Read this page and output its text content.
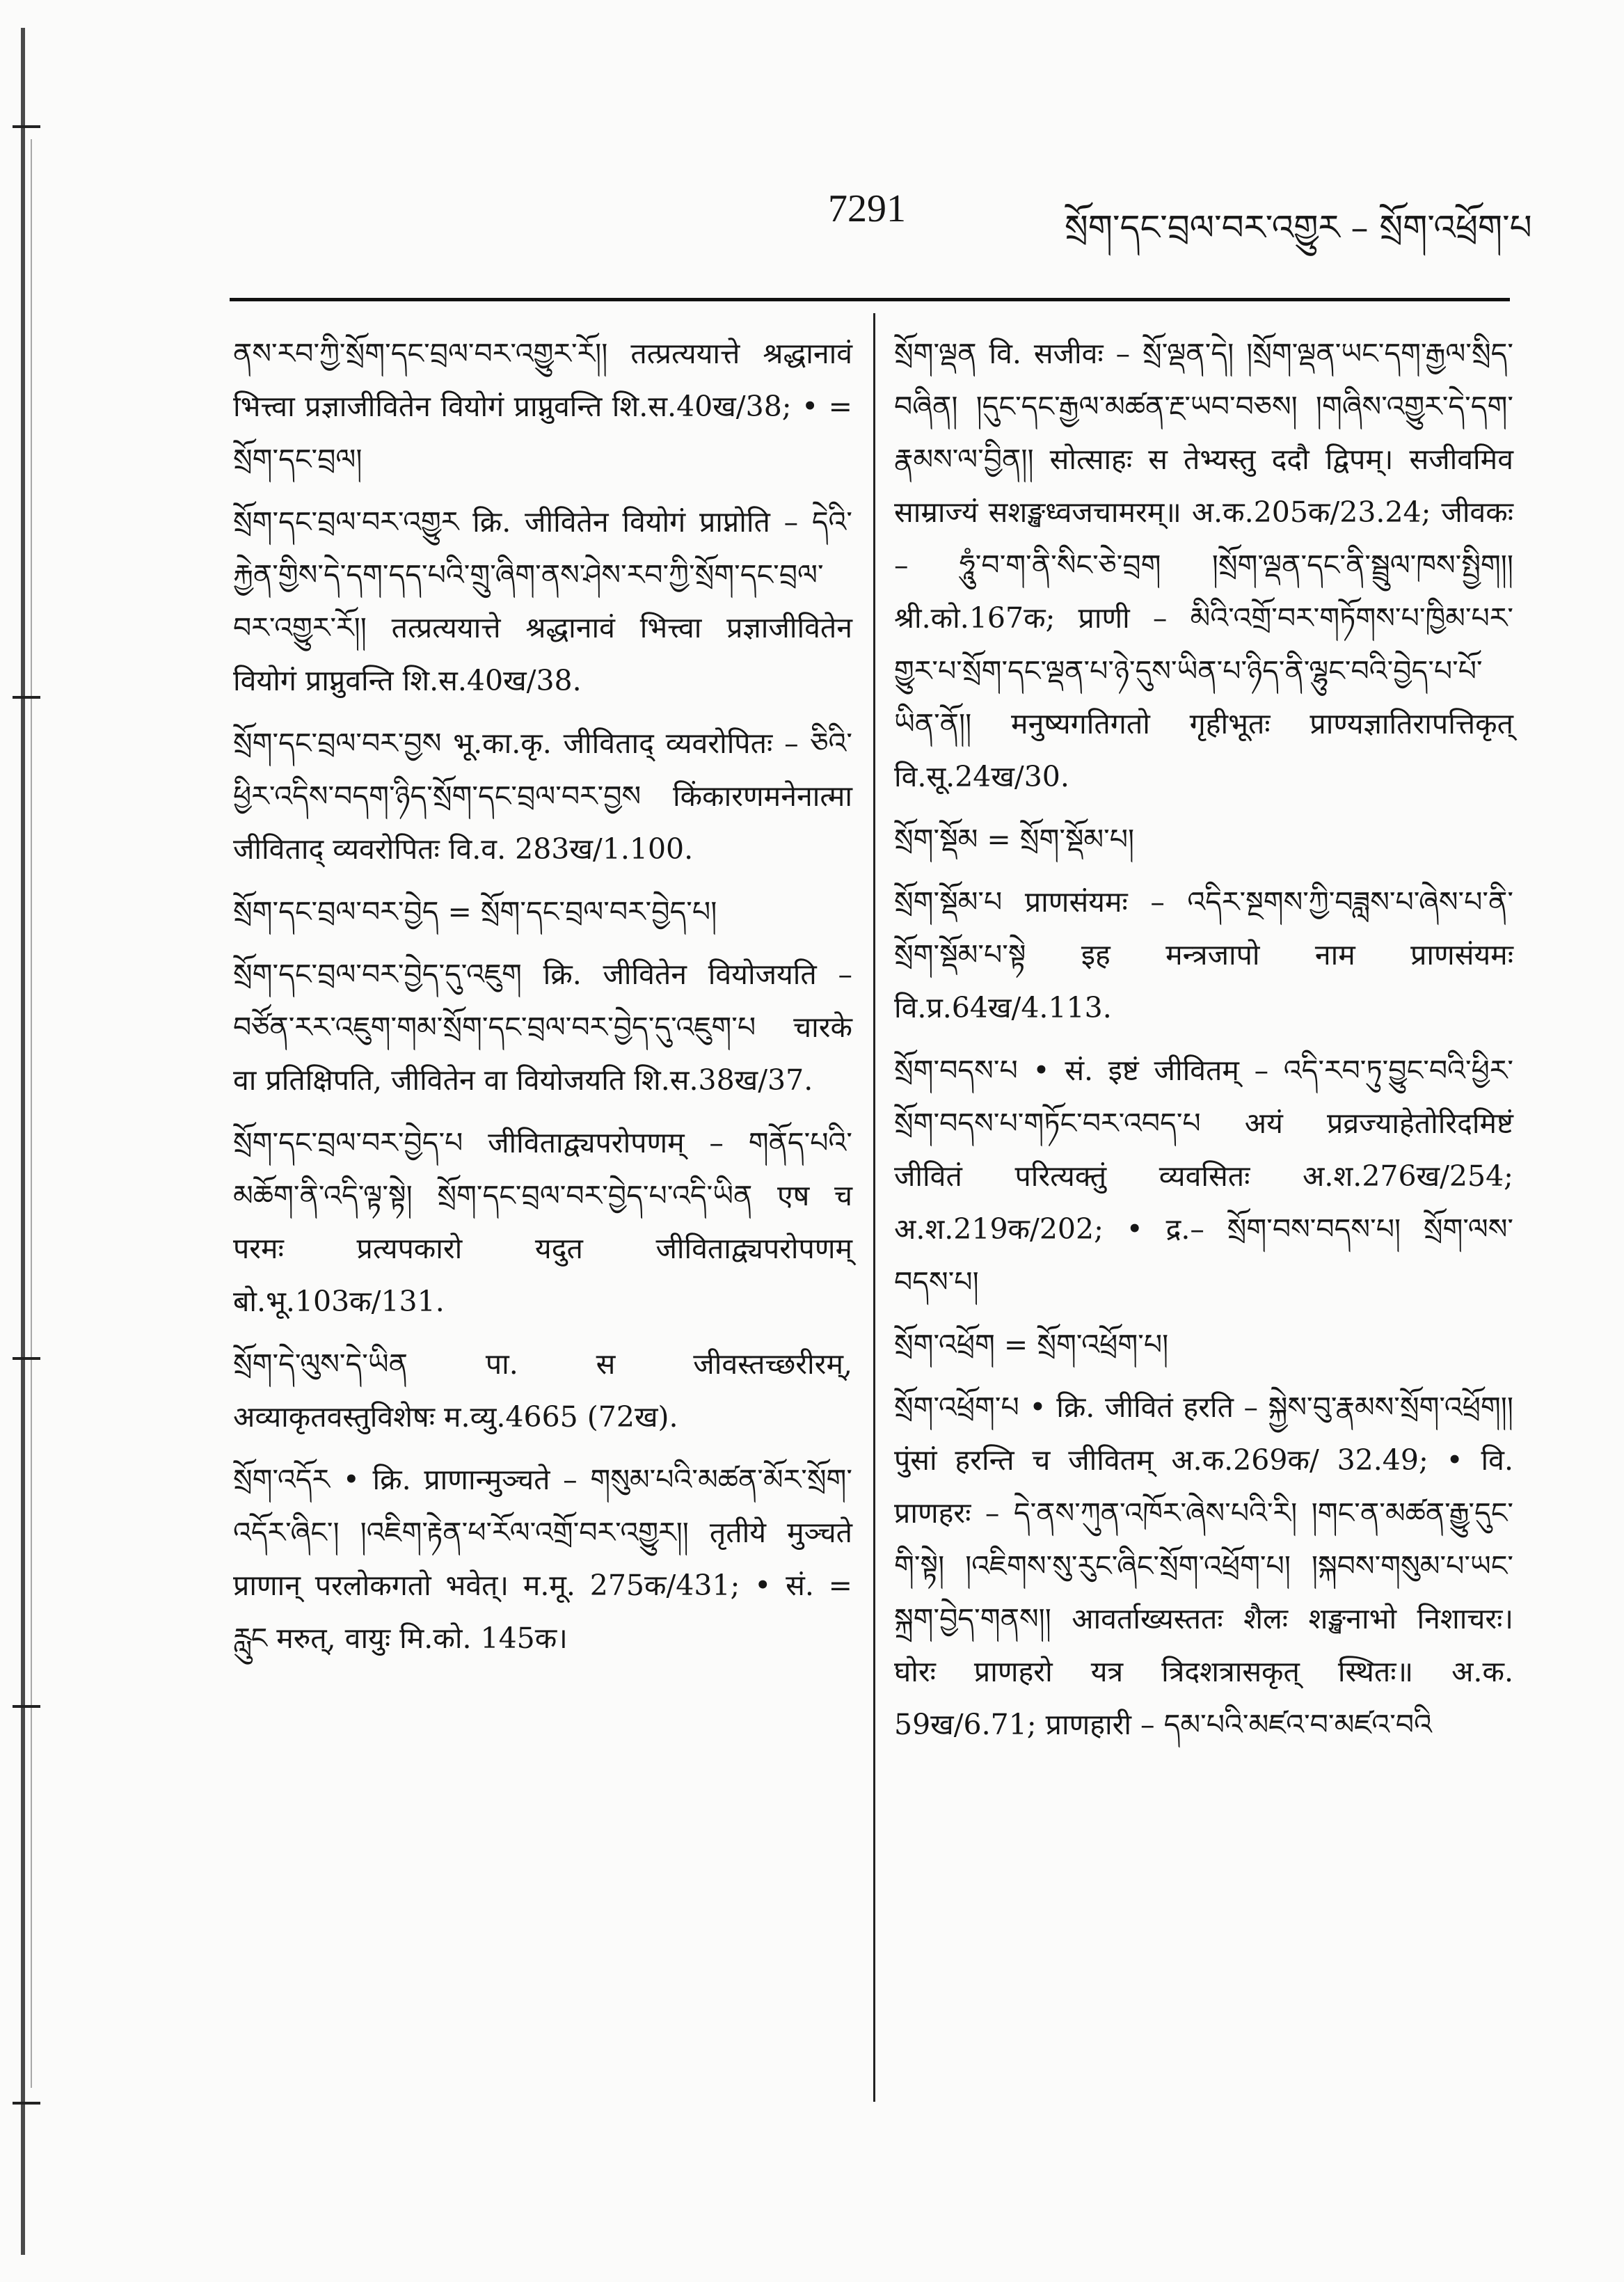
7291	སྲོག་དང་བྲལ་བར་འགྱུར – སྲོག་འཕྲོག་པ
ནས་རབ་ཀྱི་སྲོག་དང་བྲལ་བར་འགྱུར་རོ།། तत्प्रत्ययात्ते श्रद्धानावं भित्त्वा प्रज्ञाजीवितेन वियोगं प्राप्नुवन्ति शि.स.40ख/38; • = སྲོག་དང་བྲལ།
སྲོག་དང་བྲལ་བར་འགྱུར क्रि. जीवितेन वियोगं प्राप्नोति – དེའི་རྐྱེན་གྱིས་དེ་དག་དད་པའི་གྲུ་ཞིག་ནས་ཤེས་རབ་ཀྱི་སྲོག་དང་བྲལ་བར་འགྱུར་རོ།། तत्प्रत्ययात्ते श्रद्धानावं भित्त्वा प्रज्ञाजीवितेन वियोगं प्राप्नुवन्ति शि.स.40ख/38.
སྲོག་དང་བྲལ་བར་བྱས भू.का.कृ. जीविताद् व्यवरोपितः – ཅིའི་ཕྱིར་འདིས་བདག་ཉིད་སྲོག་དང་བྲལ་བར་བྱས किंकारणमनेनात्मा जीविताद् व्यवरोपितः वि.व. 283ख/1.100.
སྲོག་དང་བྲལ་བར་བྱེད = སྲོག་དང་བྲལ་བར་བྱེད་པ།
སྲོག་དང་བྲལ་བར་བྱེད་དུ་འཇུག क्रि. जीवितेन वियोजयति – བཙོན་རར་འཇུག་གམ་སྲོག་དང་བྲལ་བར་བྱེད་དུ་འཇུག་པ चारके वा प्रतिक्षिपति, जीवितेन वा वियोजयति शि.स.38ख/37.
སྲོག་དང་བྲལ་བར་བྱེད་པ जीविताद्व्यपरोपणम् – གནོད་པའི་མཆོག་ནི་འདི་ལྟ་སྟེ། སྲོག་དང་བྲལ་བར་བྱེད་པ་འདི་ཡིན एष च परमः प्रत्यपकारो यदुत जीविताद्व्यपरोपणम् बो.भू.103क/131.
སྲོག་དེ་ལུས་དེ་ཡིན पा. स जीवस्तच्छरीरम्, अव्याकृतवस्तुविशेषः म.व्यु.4665 (72ख).
སྲོག་འདོར • क्रि. प्राणान्मुञ्चते – གསུམ་པའི་མཚན་མོར་སྲོག་འདོར་ཞིང་། །འཇིག་རྟེན་ཕ་རོལ་འགྲོ་བར་འགྱུར།། तृतीये मुञ्चते प्राणान् परलोकगतो भवेत्। म.मू. 275क/431; • सं. = རླུང मरुत्, वायुः मि.को. 145क।
སྲོག་ལྡན वि. सजीवः – སྲོ་ལྡན་དེ། །སྲོག་ལྡན་ཡང་དག་རྒྱལ་སྲིད་བཞིན། །དུང་དང་རྒྱལ་མཚན་རྔ་ཡབ་བཅས། །གཞིས་འགྱུར་དེ་དག་རྣམས་ལ་བྱིན།། सोत्साहः स तेभ्यस्तु ददौ द्विपम्। सजीवमिव साम्राज्यं सशङ्खध्वजचामरम्॥ अ.क.205क/23.24; जीवकः – ཧཱུཾ་བ་ག་ནི་སིང་ཅེ་བྲག །སྲོག་ལྡན་དང་ནི་སྦྲུལ་ཁས་སྤྱིག།། श्री.को.167क; प्राणी – མིའི་འགྲོ་བར་གཏོགས་པ་ཁྱིམ་པར་གྱུར་པ་སྲོག་དང་ལྡན་པ་ཉེ་དུས་ཡིན་པ་ཉིད་ནི་ལྷུང་བའི་བྱེད་པ་པོ་ཡིན་ནོ།། मनुष्यगतिगतो गृहीभूतः प्राण्यज्ञातिरापत्तिकृत् वि.सू.24ख/30.
སྲོག་སྡོམ = སྲོག་སྡོམ་པ།
སྲོག་སྡོམ་པ प्राणसंयमः – འདིར་སྔགས་ཀྱི་བཟླས་པ་ཞེས་པ་ནི་སྲོག་སྡོམ་པ་སྟེ इह मन्त्रजापो नाम प्राणसंयमः वि.प्र.64ख/4.113.
སྲོག་བདས་པ • सं. इष्टं जीवितम् – འདི་རབ་ཏུ་བྱུང་བའི་ཕྱིར་སྲོག་བདས་པ་གཏོང་བར་འབད་པ अयं प्रव्रज्याहेतोरिदमिष्टं जीवितं परित्यक्तुं व्यवसितः अ.श.276ख/254; अ.श.219क/202; • द्र.– སྲོག་བས་བདས་པ། སྲོག་ལས་བདས་པ།
སྲོག་འཕྲོག = སྲོག་འཕྲོག་པ།
སྲོག་འཕྲོག་པ • क्रि. जीवितं हरति – སྐྱེས་བུ་རྣམས་སྲོག་འཕྲོག།། पुंसां हरन्ति च जीवितम् अ.क.269क/ 32.49; • वि. प्राणहरः – དེ་ནས་ཀུན་འཁོར་ཞེས་པའི་རི། །གང་ན་མཚན་རྒྱུ་དུང་གི་སྟེ། །འཇིགས་སུ་རུང་ཞིང་སྲོག་འཕྲོག་པ། །སྐབས་གསུམ་པ་ཡང་སྐྲག་བྱེད་གནས།། आवर्ताख्यस्ततः शैलः शङ्खनाभो निशाचरः। घोरः प्राणहरो यत्र त्रिदशत्रासकृत् स्थितः॥ अ.क. 59ख/6.71; प्राणहारी – དམ་པའི་མཛའ་བ་མཛའ་བའི
